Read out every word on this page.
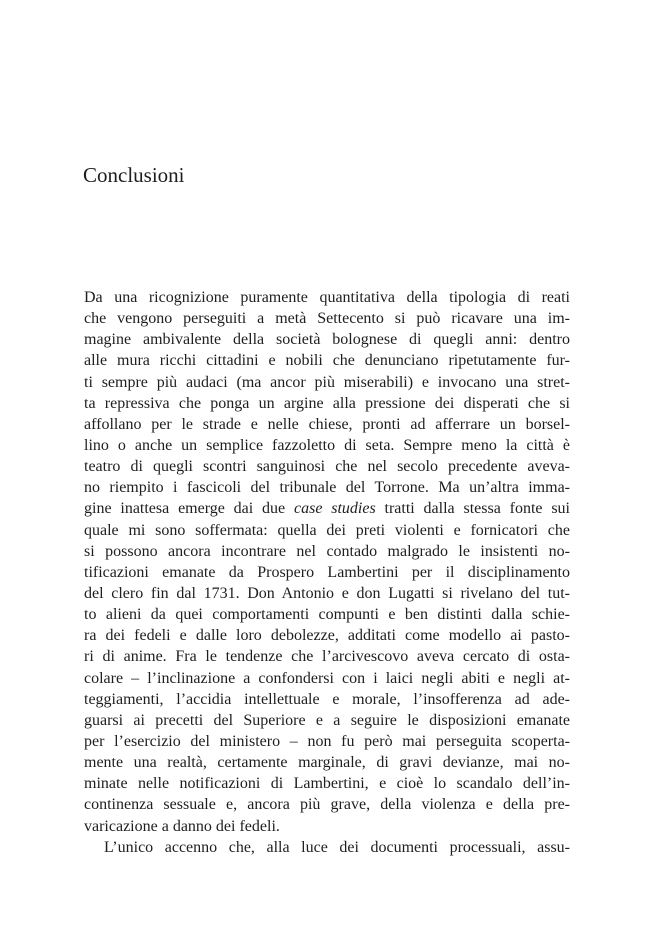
Conclusioni
Da una ricognizione puramente quantitativa della tipologia di reati
che vengono perseguiti a metà Settecento si può ricavare una im-
magine ambivalente della società bolognese di quegli anni: dentro
alle mura ricchi cittadini e nobili che denunciano ripetutamente fur-
ti sempre più audaci (ma ancor più miserabili) e invocano una stret-
ta repressiva che ponga un argine alla pressione dei disperati che si
affollano per le strade e nelle chiese, pronti ad afferrare un borsel-
lino o anche un semplice fazzoletto di seta. Sempre meno la città è
teatro di quegli scontri sanguinosi che nel secolo precedente aveva-
no riempito i fascicoli del tribunale del Torrone. Ma un’altra imma-
gine inattesa emerge dai due case studies tratti dalla stessa fonte sui
quale mi sono soffermata: quella dei preti violenti e fornicatori che
si possono ancora incontrare nel contado malgrado le insistenti no-
tificazioni emanate da Prospero Lambertini per il disciplinamento
del clero fin dal 1731. Don Antonio e don Lugatti si rivelano del tut-
to alieni da quei comportamenti compunti e ben distinti dalla schie-
ra dei fedeli e dalle loro debolezze, additati come modello ai pasto-
ri di anime. Fra le tendenze che l’arcivescovo aveva cercato di osta-
colare – l’inclinazione a confondersi con i laici negli abiti e negli at-
teggiamenti, l’accidia intellettuale e morale, l’insofferenza ad ade-
guarsi ai precetti del Superiore e a seguire le disposizioni emanate
per l’esercizio del ministero – non fu però mai perseguita scoperta-
mente una realtà, certamente marginale, di gravi devianze, mai no-
minate nelle notificazioni di Lambertini, e cioè lo scandalo dell’in-
continenza sessuale e, ancora più grave, della violenza e della pre-
varicazione a danno dei fedeli.
L’unico accenno che, alla luce dei documenti processuali, assu-
